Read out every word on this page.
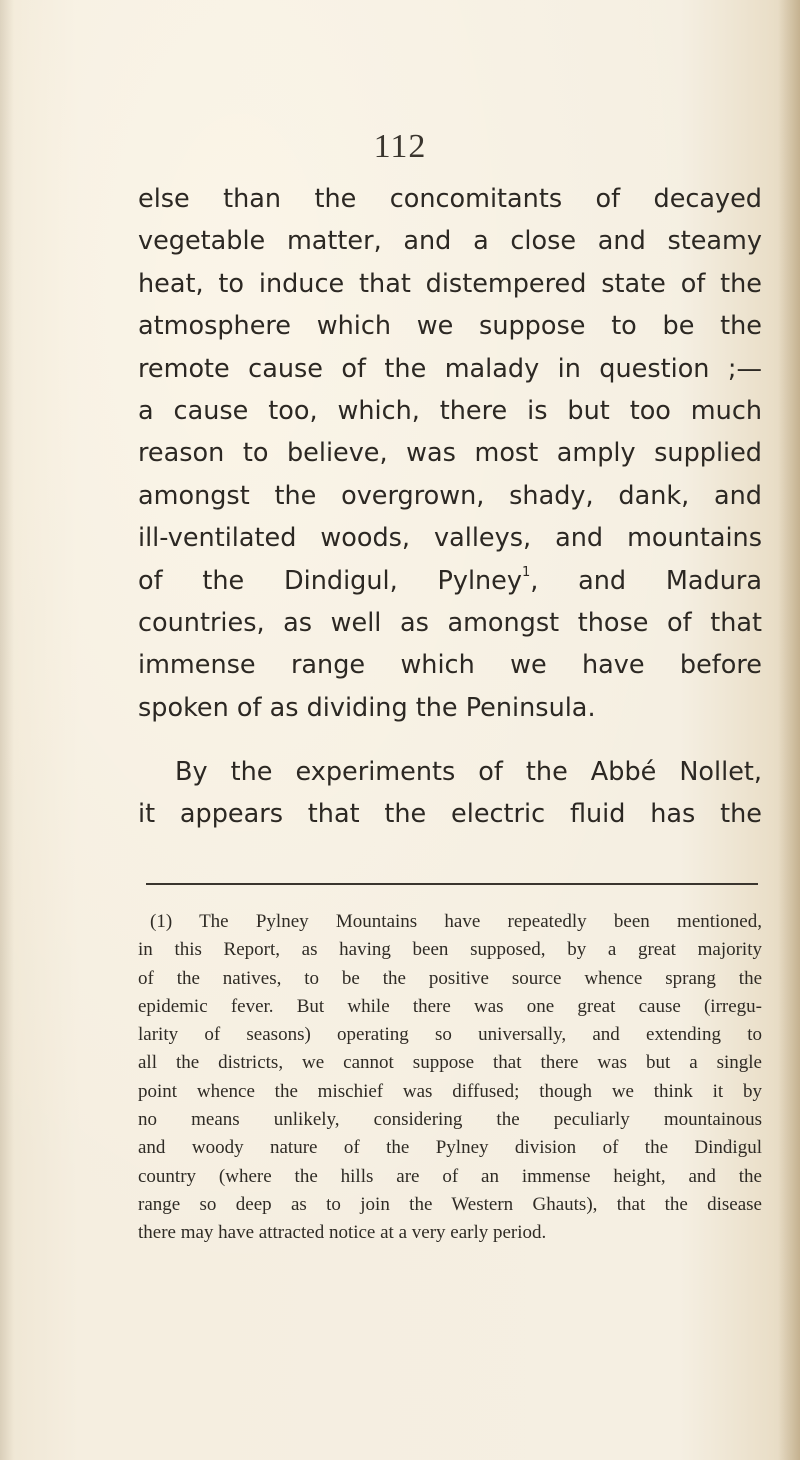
112
else than the concomitants of decayed
vegetable matter, and a close and steamy
heat, to induce that distempered state of the
atmosphere which we suppose to be the
remote cause of the malady in question ;—
a cause too, which, there is but too much
reason to believe, was most amply supplied
amongst the overgrown, shady, dank, and
ill-ventilated woods, valleys, and mountains
of the Dindigul, Pylney$^1$, and Madura
countries, as well as amongst those of that
immense range which we have before
spoken of as dividing the Peninsula.
By the experiments of the Abbé Nollet,
it appears that the electric fluid has the
(1) The Pylney Mountains have repeatedly been mentioned,
in this Report, as having been supposed, by a great majority
of the natives, to be the positive source whence sprang the
epidemic fever. But while there was one great cause (irregu-
larity of seasons) operating so universally, and extending to
all the districts, we cannot suppose that there was but a single
point whence the mischief was diffused; though we think it by
no means unlikely, considering the peculiarly mountainous
and woody nature of the Pylney division of the Dindigul
country (where the hills are of an immense height, and the
range so deep as to join the Western Ghauts), that the disease
there may have attracted notice at a very early period.
